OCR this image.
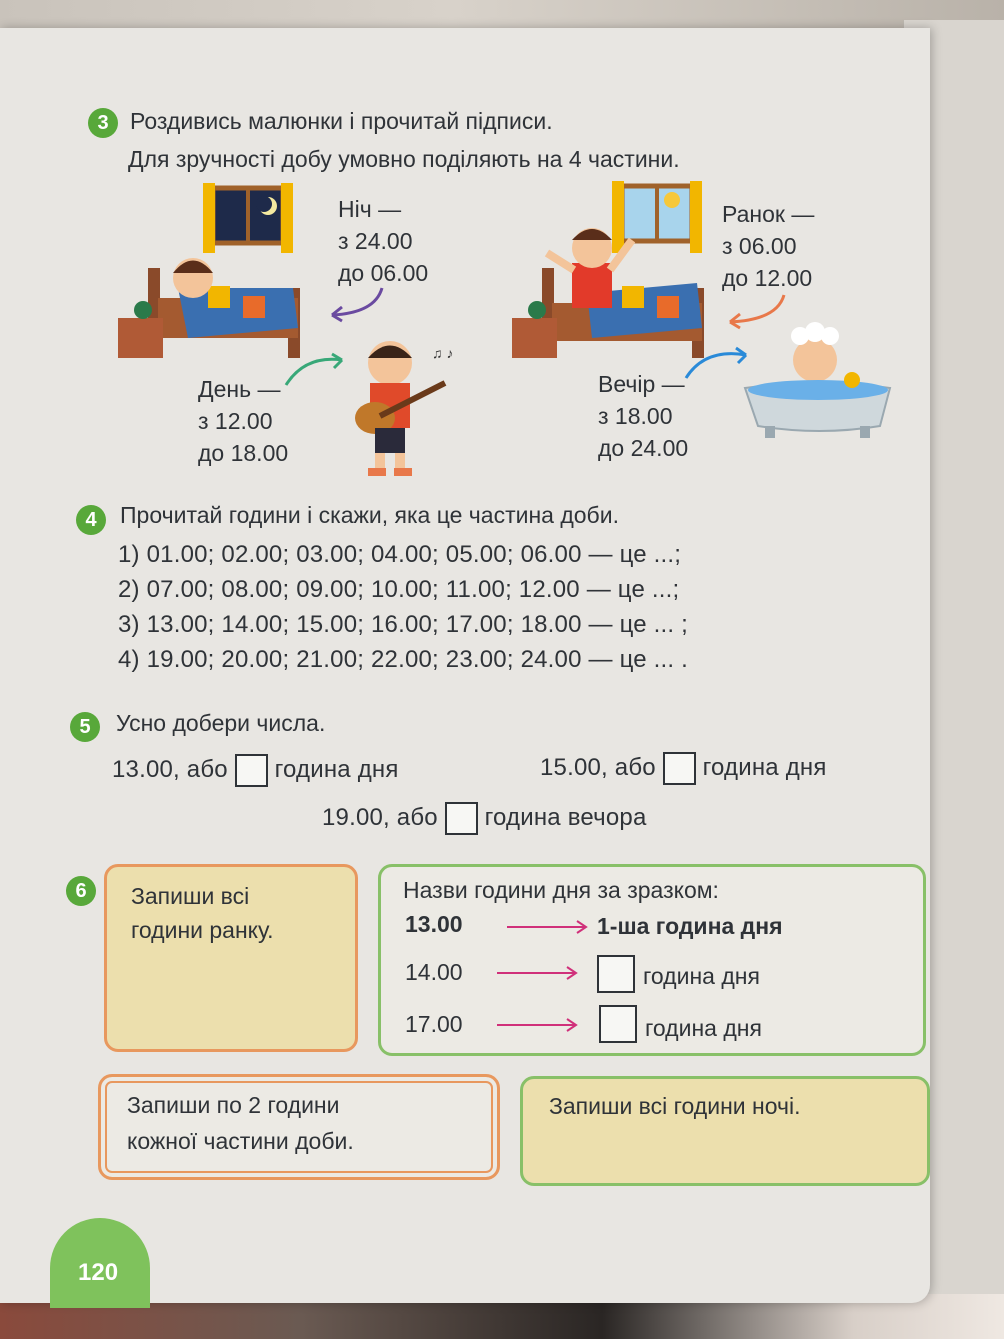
3 Роздивись малюнки і прочитай підписи.
Для зручності добу умовно поділяють на 4 частини.
Ніч —
з 24.00
до 06.00
Ранок —
з 06.00
до 12.00
День —
з 12.00
до 18.00
♫ ♪
Вечір —
з 18.00
до 24.00
4	Прочитай години і скажи, яка це частина доби.
1) 01.00; 02.00; 03.00; 04.00; 05.00; 06.00 — це ...;
2) 07.00; 08.00; 09.00; 10.00; 11.00; 12.00 — це ...;
3) 13.00; 14.00; 15.00; 16.00; 17.00; 18.00 — це ... ;
4) 19.00; 20.00; 21.00; 22.00; 23.00; 24.00 — це ... .
5	Усно добери числа.
13.00, або година дня	15.00, або година дня
19.00, або година вечора
6	Запиши всі
години ранку.
Назви години дня за зразком:
13.00	1-ша година дня
14.00	година дня
17.00	година дня
Запиши по 2 години
кожної частини доби.
Запиши всі години ночі.
120
